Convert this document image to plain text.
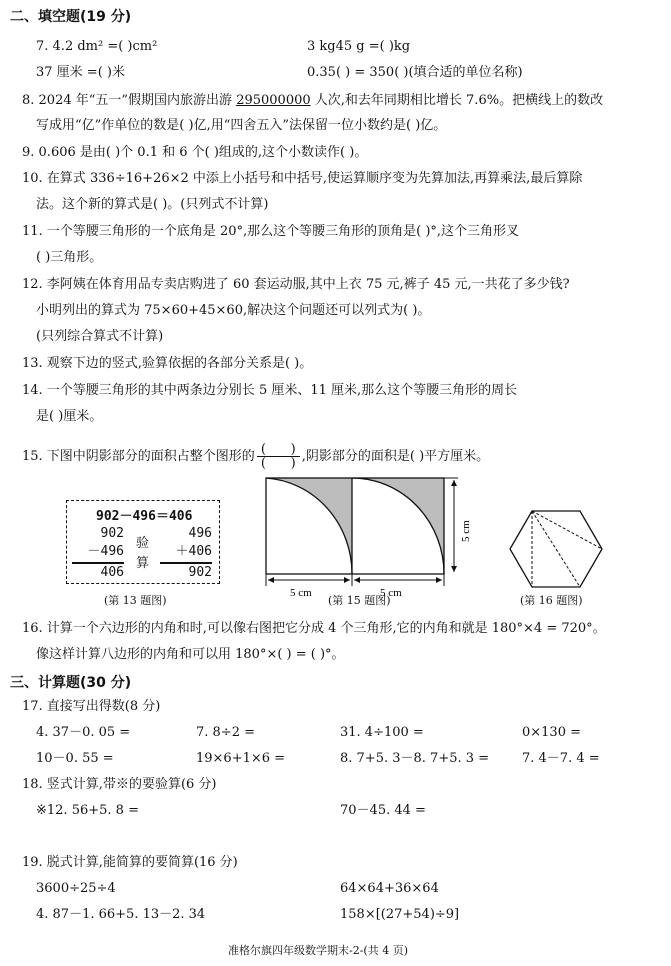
二、填空题(19 分)
7. 4.2 dm² =( )cm²	3 kg45 g =( )kg
37 厘米 =( )米	0.35( ) = 350( )(填合适的单位名称)
8. 2024 年“五一”假期国内旅游出游 295000000 人次,和去年同期相比增长 7.6%。把横线上的数改
写成用“亿”作单位的数是( )亿,用“四舍五入”法保留一位小数约是( )亿。
9. 0.606 是由( )个 0.1 和 6 个( )组成的,这个小数读作( )。
10. 在算式 336÷16+26×2 中添上小括号和中括号,使运算顺序变为先算加法,再算乘法,最后算除
法。这个新的算式是( )。(只列式不计算)
11. 一个等腰三角形的一个底角是 20°,那么这个等腰三角形的顶角是( )°,这个三角形叉
( )三角形。
12. 李阿姨在体育用品专卖店购进了 60 套运动服,其中上衣 75 元,裤子 45 元,一共花了多少钱?
小明列出的算式为 75×60+45×60,解决这个问题还可以列式为( )。
(只列综合算式不计算)
13. 观察下边的竖式,验算依据的各部分关系是( )。
14. 一个等腰三角形的其中两条边分别长 5 厘米、11 厘米,那么这个等腰三角形的周长
是( )厘米。
15. 下图中阴影部分的面积占整个图形的 $\frac{( )}{( )}$ ,阴影部分的面积是( )平方厘米。
902－496＝406
902
－496
406
验
算
496
＋406
902
(第 13 题图)
5 cm	5 cm
5 cm
(第 15 题图)	(第 16 题图)
16. 计算一个六边形的内角和时,可以像右图把它分成 4 个三角形,它的内角和就是 180°×4 = 720°。
像这样计算八边形的内角和可以用 180°×( ) = ( )°。
三、计算题(30 分)
17. 直接写出得数(8 分)
4. 37－0. 05 =	7. 8÷2 =	31. 4÷100 =	0×130 =
10－0. 55 =	19×6+1×6 =	8. 7+5. 3－8. 7+5. 3 =	7. 4－7. 4 =
18. 竖式计算,带※的要验算(6 分)
※12. 56+5. 8 =	70－45. 44 =
19. 脱式计算,能简算的要简算(16 分)
3600÷25÷4	64×64+36×64
4. 87－1. 66+5. 13－2. 34	158×[(27+54)÷9]
准格尔旗四年级数学期末-2-(共 4 页)
